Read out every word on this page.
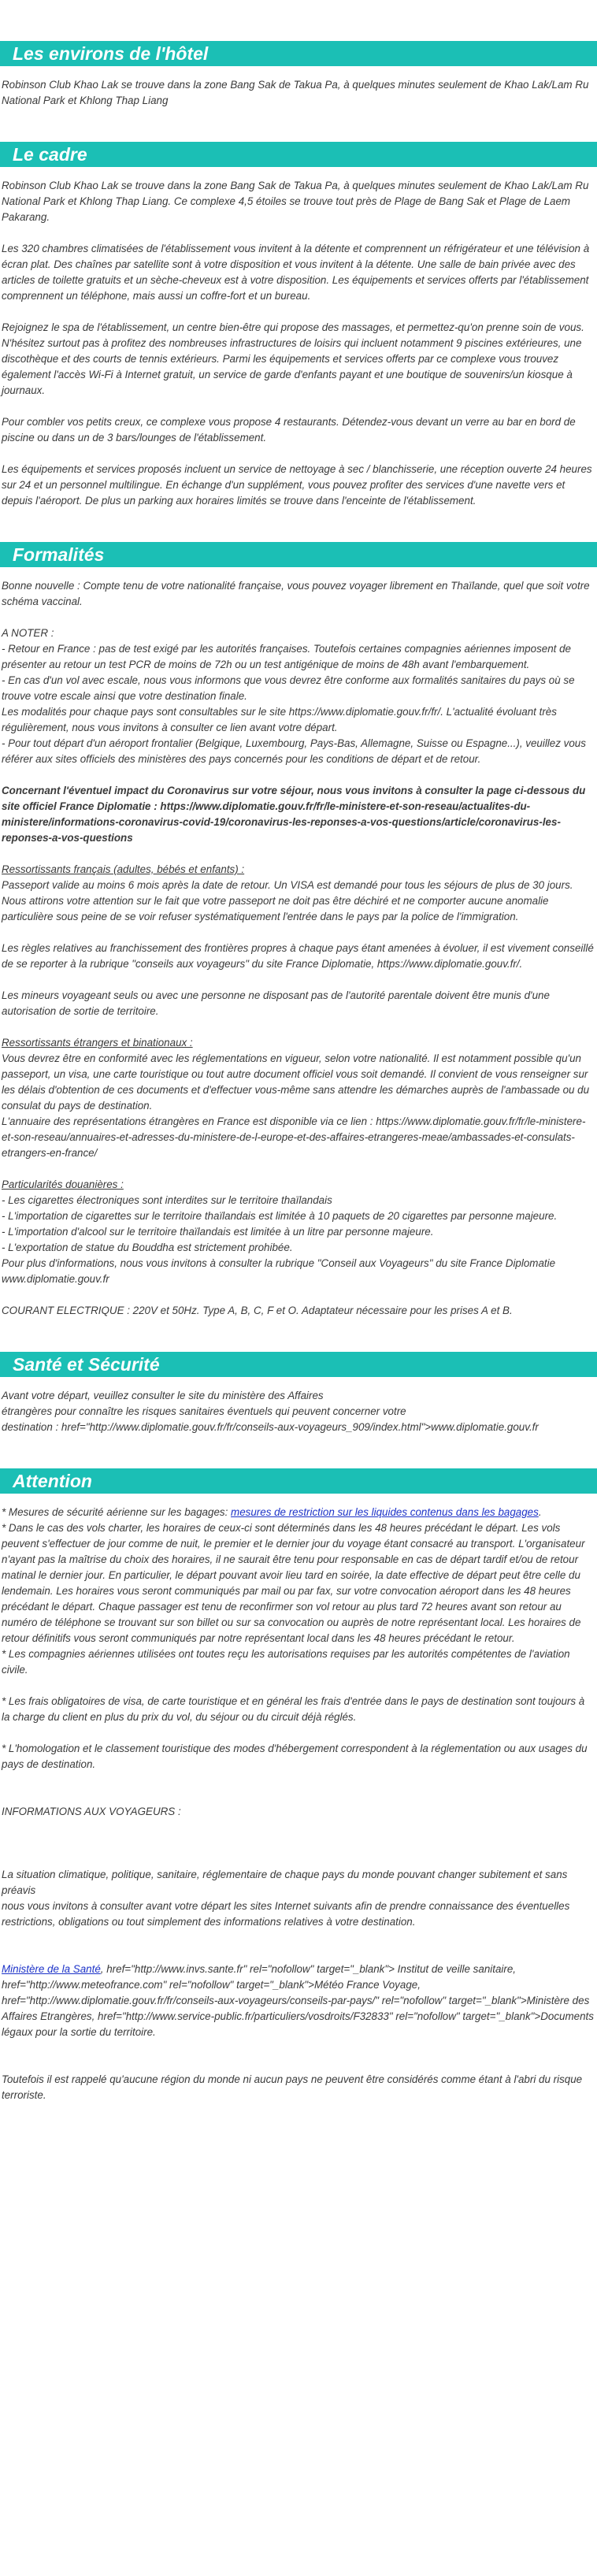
Les environs de l'hôtel
Robinson Club Khao Lak se trouve dans la zone Bang Sak de Takua Pa, à quelques minutes seulement de Khao Lak/Lam Ru National Park et Khlong Thap Liang
Le cadre
Robinson Club Khao Lak se trouve dans la zone Bang Sak de Takua Pa, à quelques minutes seulement de Khao Lak/Lam Ru National Park et Khlong Thap Liang. Ce complexe 4,5 étoiles se trouve tout près de Plage de Bang Sak et Plage de Laem Pakarang.
Les 320 chambres climatisées de l'établissement vous invitent à la détente et comprennent un réfrigérateur et une télévision à écran plat. Des chaînes par satellite sont à votre disposition et vous invitent à la détente. Une salle de bain privée avec des articles de toilette gratuits et un sèche-cheveux est à votre disposition. Les équipements et services offerts par l'établissement comprennent un téléphone, mais aussi un coffre-fort et un bureau.
Rejoignez le spa de l'établissement, un centre bien-être qui propose des massages, et permettez-qu'on prenne soin de vous. N'hésitez surtout pas à profitez des nombreuses infrastructures de loisirs qui incluent notamment 9 piscines extérieures, une discothèque et des courts de tennis extérieurs. Parmi les équipements et services offerts par ce complexe vous trouvez également l'accès Wi-Fi à Internet gratuit, un service de garde d'enfants payant et une boutique de souvenirs/un kiosque à journaux.
Pour combler vos petits creux, ce complexe vous propose 4 restaurants. Détendez-vous devant un verre au bar en bord de piscine ou dans un de 3 bars/lounges de l'établissement.
Les équipements et services proposés incluent un service de nettoyage à sec / blanchisserie, une réception ouverte 24 heures sur 24 et un personnel multilingue. En échange d'un supplément, vous pouvez profiter des services d'une navette vers et depuis l'aéroport. De plus un parking aux horaires limités se trouve dans l'enceinte de l'établissement.
Formalités
Bonne nouvelle : Compte tenu de votre nationalité française, vous pouvez voyager librement en Thaïlande, quel que soit votre schéma vaccinal.
A NOTER :
- Retour en France : pas de test exigé par les autorités françaises. Toutefois certaines compagnies aériennes imposent de présenter au retour un test PCR de moins de 72h ou un test antigénique de moins de 48h avant l'embarquement.
- En cas d'un vol avec escale, nous vous informons que vous devrez être conforme aux formalités sanitaires du pays où se trouve votre escale ainsi que votre destination finale.
Les modalités pour chaque pays sont consultables sur le site https://www.diplomatie.gouv.fr/fr/. L'actualité évoluant très régulièrement, nous vous invitons à consulter ce lien avant votre départ.
- Pour tout départ d'un aéroport frontalier (Belgique, Luxembourg, Pays-Bas, Allemagne, Suisse ou Espagne...), veuillez vous référer aux sites officiels des ministères des pays concernés pour les conditions de départ et de retour.
Concernant l'éventuel impact du Coronavirus sur votre séjour, nous vous invitons à consulter la page ci-dessous du site officiel France Diplomatie : https://www.diplomatie.gouv.fr/fr/le-ministere-et-son-reseau/actualites-du-ministere/informations-coronavirus-covid-19/coronavirus-les-reponses-a-vos-questions/article/coronavirus-les-reponses-a-vos-questions
Ressortissants français (adultes, bébés et enfants) :
Passeport valide au moins 6 mois après la date de retour. Un VISA est demandé pour tous les séjours de plus de 30 jours. Nous attirons votre attention sur le fait que votre passeport ne doit pas être déchiré et ne comporter aucune anomalie particulière sous peine de se voir refuser systématiquement l'entrée dans le pays par la police de l'immigration.
Les règles relatives au franchissement des frontières propres à chaque pays étant amenées à évoluer, il est vivement conseillé de se reporter à la rubrique "conseils aux voyageurs" du site France Diplomatie, https://www.diplomatie.gouv.fr/.
Les mineurs voyageant seuls ou avec une personne ne disposant pas de l'autorité parentale doivent être munis d'une autorisation de sortie de territoire.
Ressortissants étrangers et binationaux :
Vous devrez être en conformité avec les réglementations en vigueur, selon votre nationalité. Il est notamment possible qu'un passeport, un visa, une carte touristique ou tout autre document officiel vous soit demandé. Il convient de vous renseigner sur les délais d'obtention de ces documents et d'effectuer vous-même sans attendre les démarches auprès de l'ambassade ou du consulat du pays de destination.
L'annuaire des représentations étrangères en France est disponible via ce lien : https://www.diplomatie.gouv.fr/fr/le-ministere-et-son-reseau/annuaires-et-adresses-du-ministere-de-l-europe-et-des-affaires-etrangeres-meae/ambassades-et-consulats-etrangers-en-france/
Particularités douanières :
- Les cigarettes électroniques sont interdites sur le territoire thaïlandais
- L'importation de cigarettes sur le territoire thaïlandais est limitée à 10 paquets de 20 cigarettes par personne majeure.
- L'importation d'alcool sur le territoire thaïlandais est limitée à un litre par personne majeure.
- L'exportation de statue du Bouddha est strictement prohibée.
Pour plus d'informations, nous vous invitons à consulter la rubrique "Conseil aux Voyageurs" du site France Diplomatie www.diplomatie.gouv.fr
COURANT ELECTRIQUE : 220V et 50Hz. Type A, B, C, F et O. Adaptateur nécessaire pour les prises A et B.
Santé et Sécurité
Avant votre départ, veuillez consulter le site du ministère des Affaires
étrangères pour connaître les risques sanitaires éventuels qui peuvent concerner votre
destination : href="http://www.diplomatie.gouv.fr/fr/conseils-aux-voyageurs_909/index.html">www.diplomatie.gouv.fr
Attention
* Mesures de sécurité aérienne sur les bagages: mesures de restriction sur les liquides contenus dans les bagages.
* Dans le cas des vols charter, les horaires de ceux-ci sont déterminés dans les 48 heures précédant le départ. Les vols peuvent s'effectuer de jour comme de nuit, le premier et le dernier jour du voyage étant consacré au transport. L'organisateur n'ayant pas la maîtrise du choix des horaires, il ne saurait être tenu pour responsable en cas de départ tardif et/ou de retour matinal le dernier jour. En particulier, le départ pouvant avoir lieu tard en soirée, la date effective de départ peut être celle du lendemain. Les horaires vous seront communiqués par mail ou par fax, sur votre convocation aéroport dans les 48 heures précédant le départ. Chaque passager est tenu de reconfirmer son vol retour au plus tard 72 heures avant son retour au numéro de téléphone se trouvant sur son billet ou sur sa convocation ou auprès de notre représentant local. Les horaires de retour définitifs vous seront communiqués par notre représentant local dans les 48 heures précédant le retour.
* Les compagnies aériennes utilisées ont toutes reçu les autorisations requises par les autorités compétentes de l'aviation civile.
* Les frais obligatoires de visa, de carte touristique et en général les frais d'entrée dans le pays de destination sont toujours à la charge du client en plus du prix du vol, du séjour ou du circuit déjà réglés.
* L'homologation et le classement touristique des modes d'hébergement correspondent à la réglementation ou aux usages du pays de destination.
INFORMATIONS AUX VOYAGEURS :
La situation climatique, politique, sanitaire, réglementaire de chaque pays du monde pouvant changer subitement et sans préavis
nous vous invitons à consulter avant votre départ les sites Internet suivants afin de prendre connaissance des éventuelles restrictions, obligations ou tout simplement des informations relatives à votre destination.
Ministère de la Santé, href="http://www.invs.sante.fr" rel="nofollow" target="_blank"> Institut de veille sanitaire, href="http://www.meteofrance.com" rel="nofollow" target="_blank">Météo France Voyage, href="http://www.diplomatie.gouv.fr/fr/conseils-aux-voyageurs/conseils-par-pays/" rel="nofollow" target="_blank">Ministère des Affaires Etrangères, href="http://www.service-public.fr/particuliers/vosdroits/F32833" rel="nofollow" target="_blank">Documents légaux pour la sortie du territoire.
Toutefois il est rappelé qu'aucune région du monde ni aucun pays ne peuvent être considérés comme étant à l'abri du risque terroriste.
